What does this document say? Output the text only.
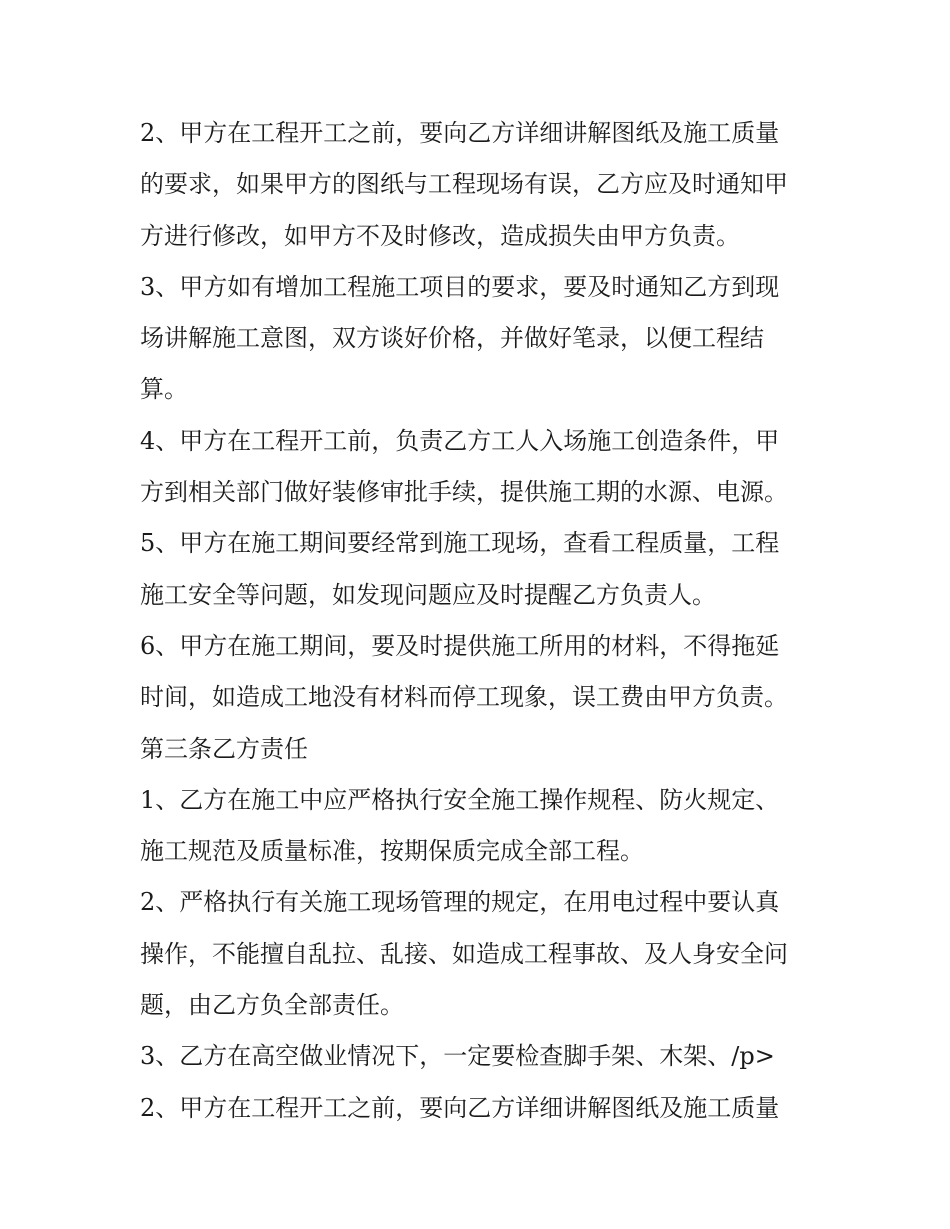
2、甲方在工程开工之前，要向乙方详细讲解图纸及施工质量
的要求，如果甲方的图纸与工程现场有误，乙方应及时通知甲
方进行修改，如甲方不及时修改，造成损失由甲方负责。
3、甲方如有增加工程施工项目的要求，要及时通知乙方到现
场讲解施工意图，双方谈好价格，并做好笔录，以便工程结
算。
4、甲方在工程开工前，负责乙方工人入场施工创造条件，甲
方到相关部门做好装修审批手续，提供施工期的水源、电源。
5、甲方在施工期间要经常到施工现场，查看工程质量，工程
施工安全等问题，如发现问题应及时提醒乙方负责人。
6、甲方在施工期间，要及时提供施工所用的材料，不得拖延
时间，如造成工地没有材料而停工现象，误工费由甲方负责。
第三条乙方责任
1、乙方在施工中应严格执行安全施工操作规程、防火规定、
施工规范及质量标准，按期保质完成全部工程。
2、严格执行有关施工现场管理的规定，在用电过程中要认真
操作，不能擅自乱拉、乱接、如造成工程事故、及人身安全问
题，由乙方负全部责任。
3、乙方在高空做业情况下，一定要检查脚手架、木架、/p>
2、甲方在工程开工之前，要向乙方详细讲解图纸及施工质量
